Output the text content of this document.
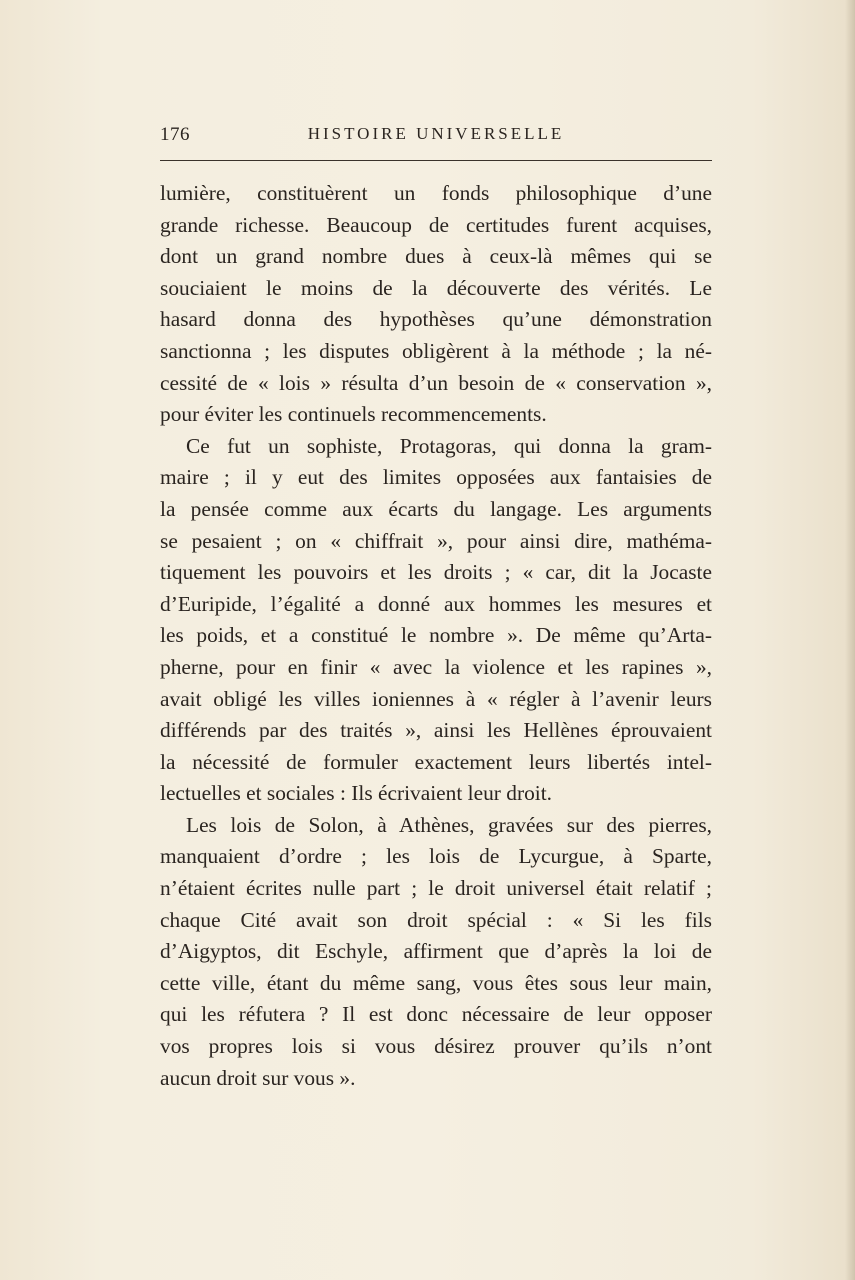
176	HISTOIRE UNIVERSELLE

lumière, constituèrent un fonds philosophique d’une
grande richesse. Beaucoup de certitudes furent acquises,
dont un grand nombre dues à ceux-là mêmes qui se
souciaient le moins de la découverte des vérités. Le
hasard donna des hypothèses qu’une démonstration
sanctionna ; les disputes obligèrent à la méthode ; la né-
cessité de « lois » résulta d’un besoin de « conservation »,
pour éviter les continuels recommencements.

Ce fut un sophiste, Protagoras, qui donna la gram-
maire ; il y eut des limites opposées aux fantaisies de
la pensée comme aux écarts du langage. Les arguments
se pesaient ; on « chiffrait », pour ainsi dire, mathéma-
tiquement les pouvoirs et les droits ; « car, dit la Jocaste
d’Euripide, l’égalité a donné aux hommes les mesures et
les poids, et a constitué le nombre ». De même qu’Arta-
pherne, pour en finir « avec la violence et les rapines »,
avait obligé les villes ioniennes à « régler à l’avenir leurs
différends par des traités », ainsi les Hellènes éprouvaient
la nécessité de formuler exactement leurs libertés intel-
lectuelles et sociales : Ils écrivaient leur droit.

Les lois de Solon, à Athènes, gravées sur des pierres,
manquaient d’ordre ; les lois de Lycurgue, à Sparte,
n’étaient écrites nulle part ; le droit universel était relatif ;
chaque Cité avait son droit spécial : « Si les fils
d’Aigyptos, dit Eschyle, affirment que d’après la loi de
cette ville, étant du même sang, vous êtes sous leur main,
qui les réfutera ? Il est donc nécessaire de leur opposer
vos propres lois si vous désirez prouver qu’ils n’ont
aucun droit sur vous ».
